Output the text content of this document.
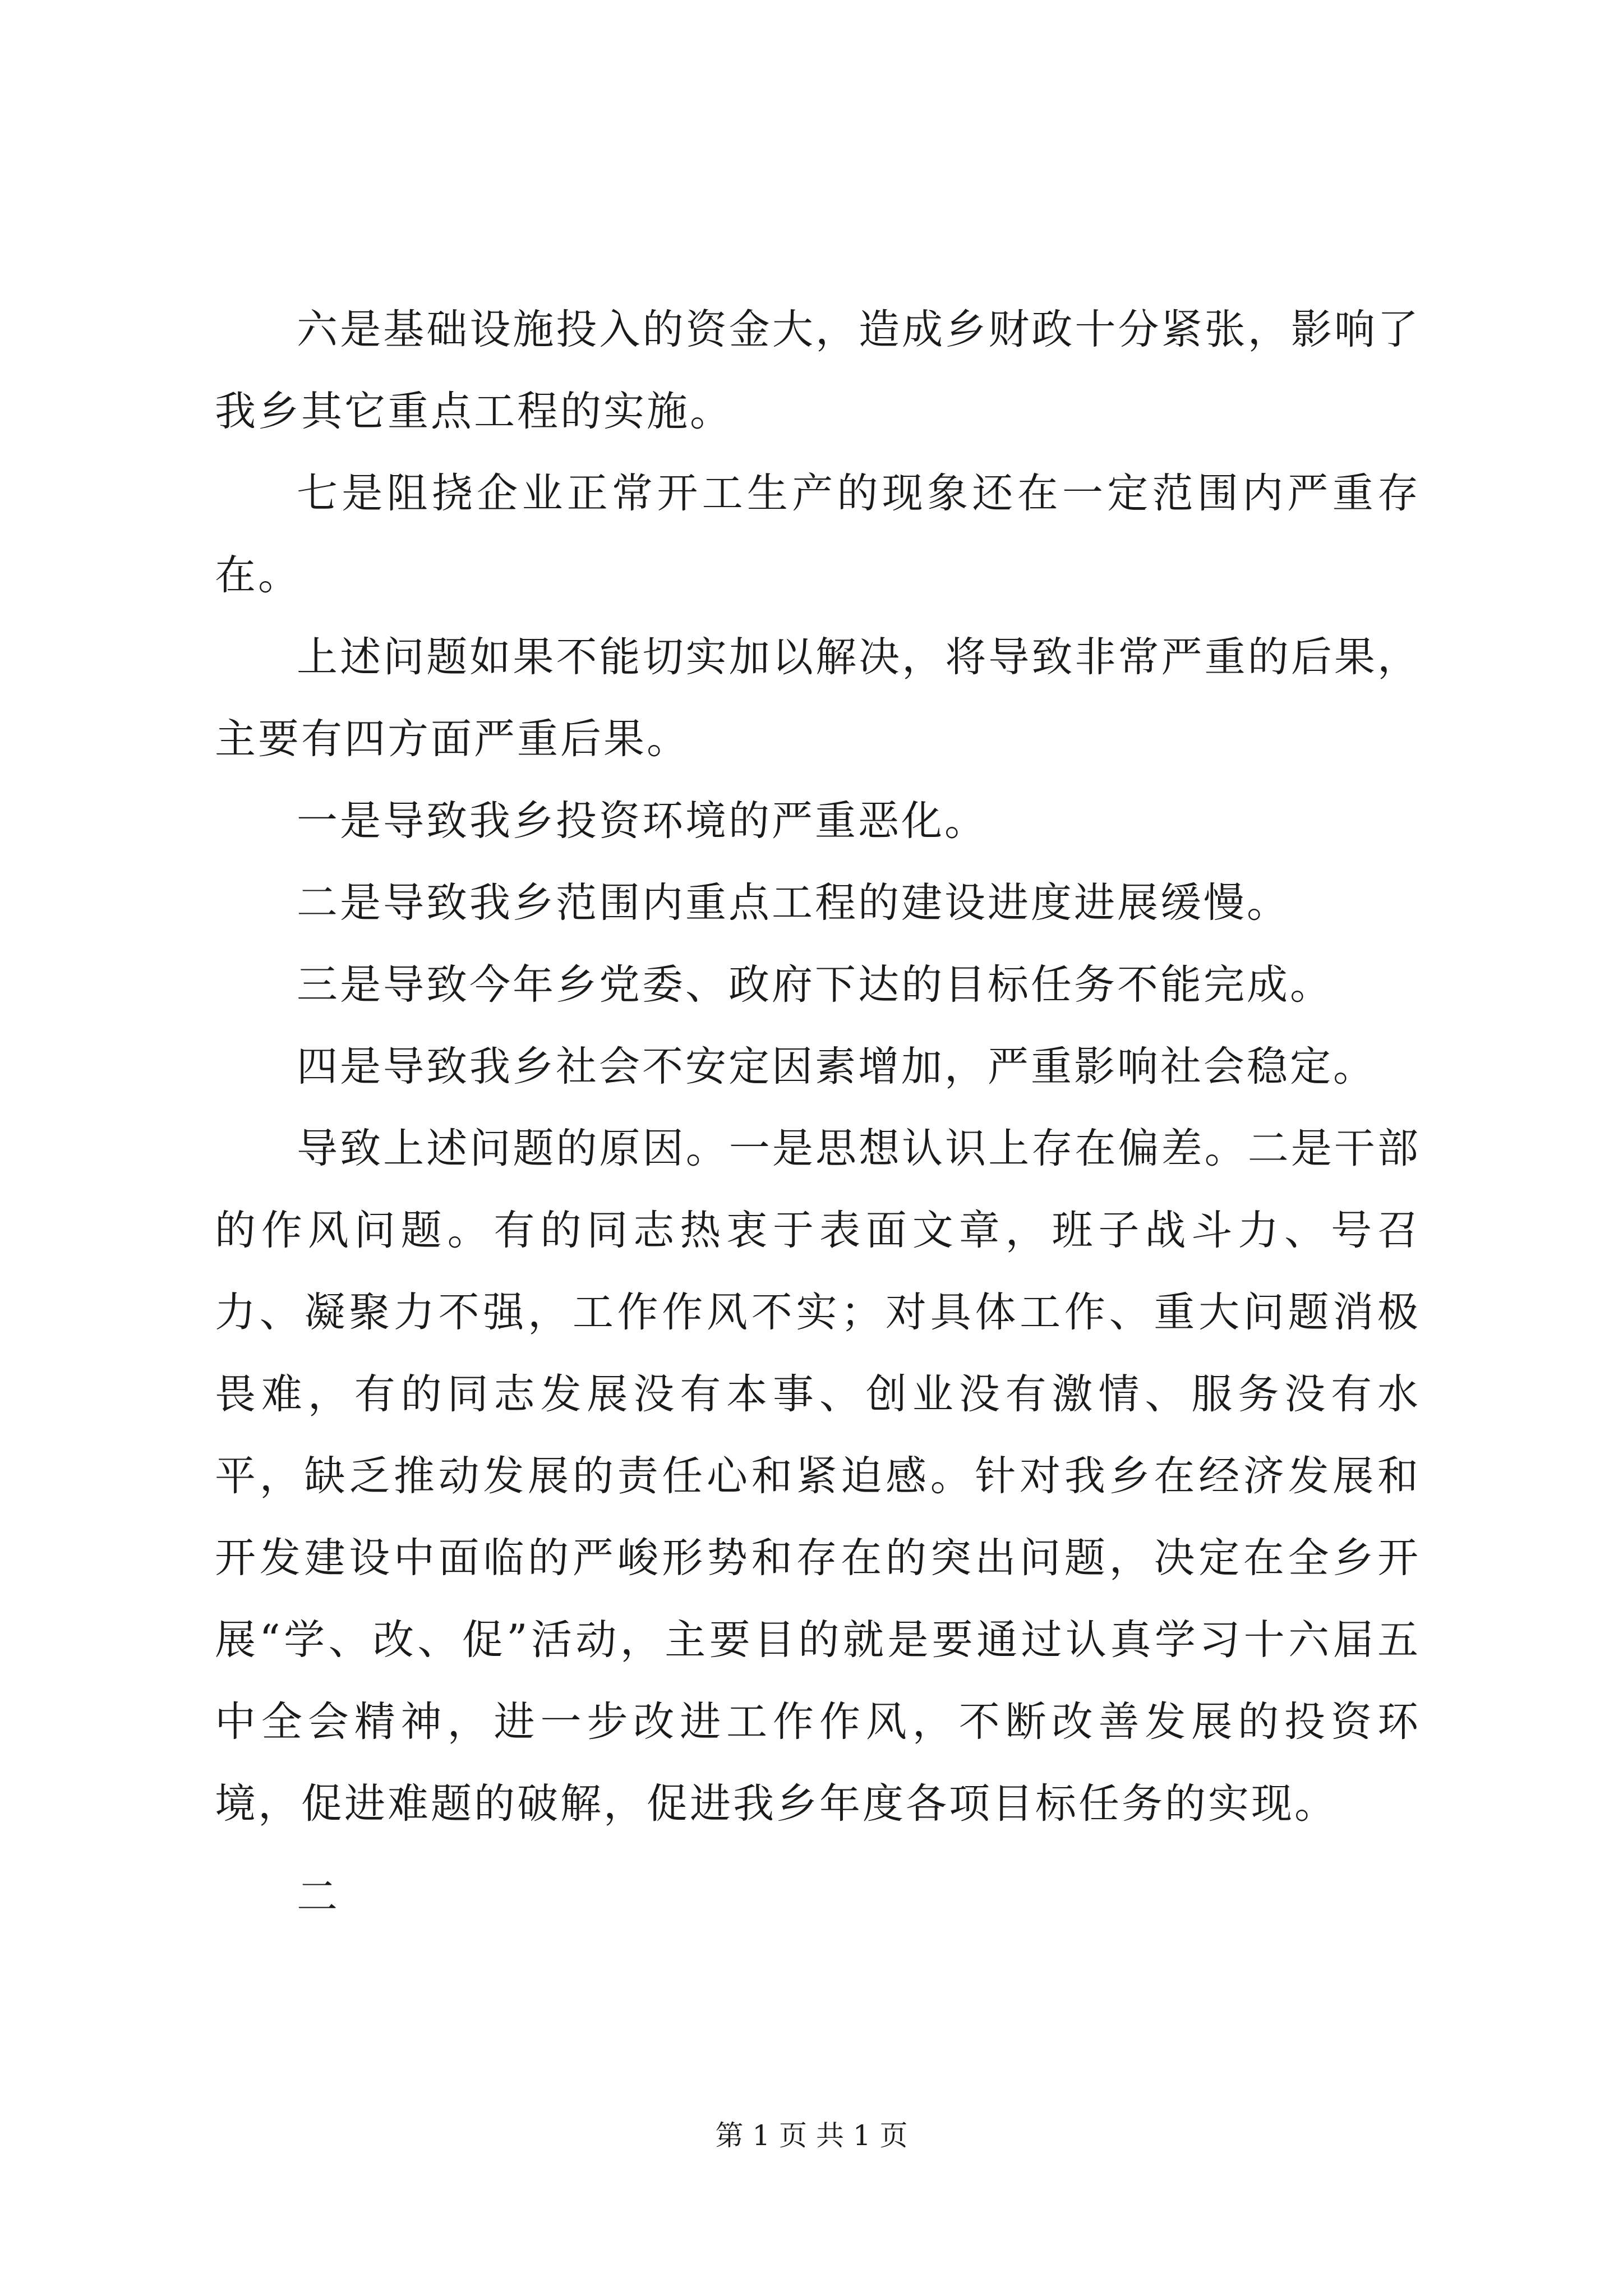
六是基础设施投入的资金大，造成乡财政十分紧张，影响了我乡其它重点工程的实施。

七是阻挠企业正常开工生产的现象还在一定范围内严重存在。

上述问题如果不能切实加以解决，将导致非常严重的后果，主要有四方面严重后果。

一是导致我乡投资环境的严重恶化。

二是导致我乡范围内重点工程的建设进度进展缓慢。

三是导致今年乡党委、政府下达的目标任务不能完成。

四是导致我乡社会不安定因素增加，严重影响社会稳定。

导致上述问题的原因。一是思想认识上存在偏差。二是干部的作风问题。有的同志热衷于表面文章，班子战斗力、号召力、凝聚力不强，工作作风不实；对具体工作、重大问题消极畏难，有的同志发展没有本事、创业没有激情、服务没有水平，缺乏推动发展的责任心和紧迫感。针对我乡在经济发展和开发建设中面临的严峻形势和存在的突出问题，决定在全乡开展“学、改、促”活动，主要目的就是要通过认真学习十六届五中全会精神，进一步改进工作作风，不断改善发展的投资环境，促进难题的破解，促进我乡年度各项目标任务的实现。

二

第 1 页 共 1 页
